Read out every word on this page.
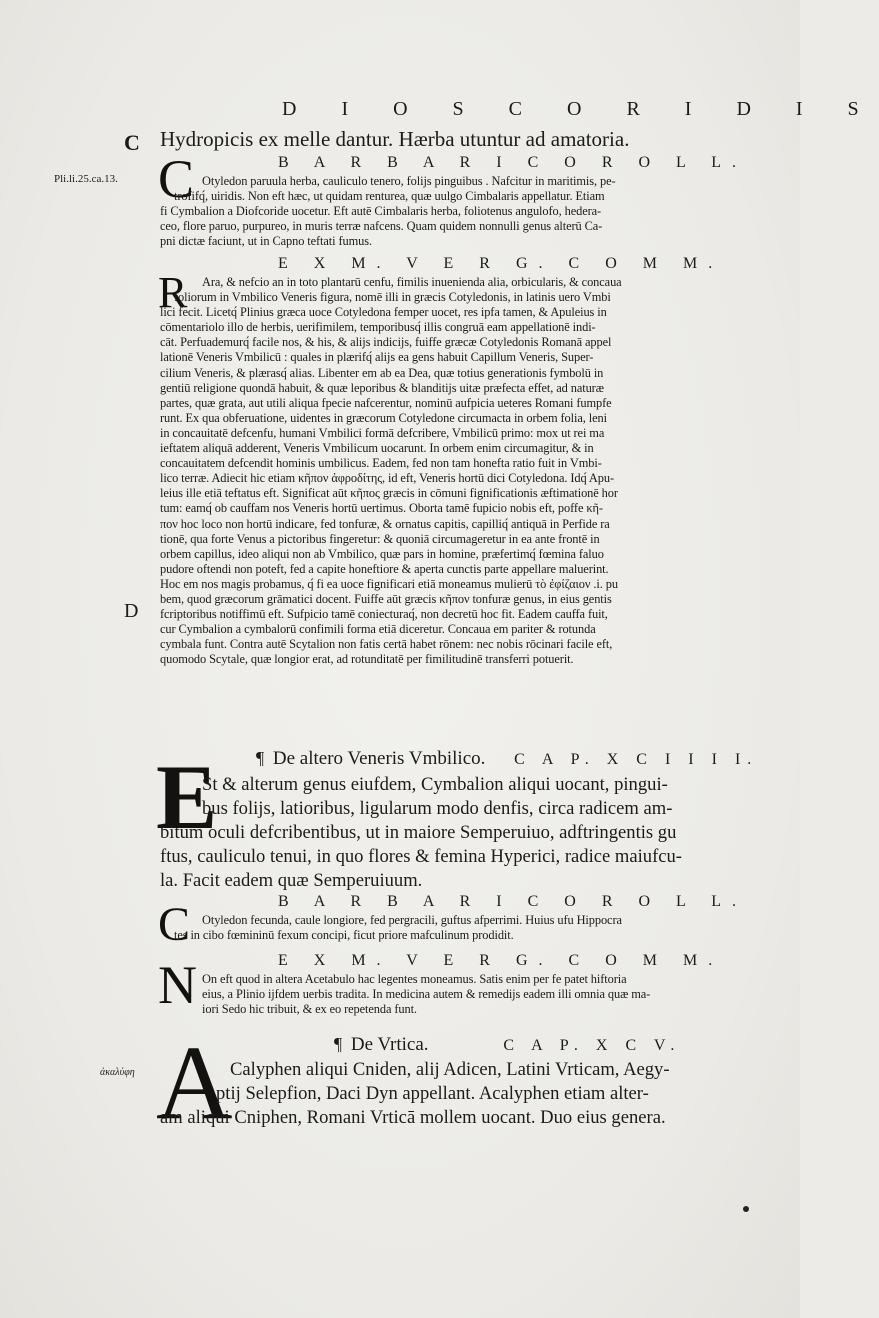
D I O S C O R I D I S
C
Pli.li.25.ca.13.
D
ἀκαλύφη
Hydropicis ex melle dantur. Hærba utuntur ad amatoria.
B A R B A R I C O R O L L.
C Otyledon paruula herba, cauliculo tenero, folijs pinguibus . Nafcitur in maritimis, pe-
trofifq́, uiridis. Non eft hæc, ut quidam renturea, quæ uulgo Cimbalaris appellatur. Etiam
fi Cymbalion a Diofcoride uocetur. Eft autē Cimbalaris herba, foliotenus angulofo, hedera-
ceo, flore paruo, purpureo, in muris terræ nafcens. Quam quidem nonnulli genus alterū Ca-
pni dictæ faciunt, ut in Capno teftati fumus.
E X M. V E R G. C O M M.
R	Ara, & nefcio an in toto plantarū cenfu, fimilis inuenienda alia, orbicularis, & concaua
foliorum in Vmbilico Veneris figura, nomē illi in græcis Cotyledonis, in latinis uero Vmbi
lici fecit. Licetq́ Plinius græca uoce Cotyledona femper uocet, res ipfa tamen, & Apuleius in
cōmentariolo illo de herbis, uerifimilem, temporibusq́ illis congruā eam appellationē indi-
cāt. Perfuademurq́ facile nos, & his, & alijs indicijs, fuiffe græcæ Cotyledonis Romanā appel
lationē Veneris Vmbilicū : quales in plærifq́ alijs ea gens habuit Capillum Veneris, Super-
cilium Veneris, & plærasq́ alias. Libenter em ab ea Dea, quæ totius generationis fymbolū in
gentiū religione quondā habuit, & quæ leporibus & blanditijs uitæ præfecta effet, ad naturæ
partes, quæ grata, aut utili aliqua fpecie nafcerentur, nominū aufpicia ueteres Romani fumpfe
runt. Ex qua obferuatione, uidentes in græcorum Cotyledone circumacta in orbem folia, leni
in concauitatē defcenfu, humani Vmbilici formā defcribere, Vmbilicū primo: mox ut rei ma
ieftatem aliquā adderent, Veneris Vmbilicum uocarunt. In orbem enim circumagitur, & in
concauitatem defcendit hominis umbilicus. Eadem, fed non tam honefta ratio fuit in Vmbi-
lico terræ. Adiecit hic etiam κῆπον ἀφροδίτης, id eft, Veneris hortū dici Cotyledona. Idq́ Apu-
leius ille etiā teftatus eft. Significat aūt κῆπος græcis in cōmuni fignificationis æftimationē hor
tum: eamq́ ob cauffam nos Veneris hortū uertimus. Oborta tamē fupicio nobis eft, poffe κῆ-
πον hoc loco non hortū indicare, fed tonfuræ, & ornatus capitis, capilliq́ antiquā in Perfide ra
tionē, qua forte Venus a pictoribus fingeretur: & quoniā circumageretur in ea ante frontē in
orbem capillus, ideo aliqui non ab Vmbilico, quæ pars in homine, præfertimq́ fœmina faluo
pudore oftendi non poteft, fed a capite honeftiore & aperta cunctis parte appellare maluerint.
Hoc em nos magis probamus, q́ fi ea uoce fignificari etiā moneamus mulierū τὸ ἐφίζαιον .i. pu
bem, quod græcorum grāmatici docent. Fuiffe aūt græcis κῆπον tonfuræ genus, in eius gentis
fcriptoribus notiffimū eft. Sufpicio tamē coniecturaq́, non decretū hoc fit. Eadem cauffa fuit,
cur Cymbalion a cymbalorū confimili forma etiā diceretur. Concaua em pariter & rotunda
cymbala funt. Contra autē Scytalion non fatis certā habet rōnem: nec nobis rōcinari facile eft,
quomodo Scytale, quæ longior erat, ad rotunditatē per fimilitudinē transferri potuerit.
¶ De altero Veneris Vmbilico. C A P. X C I I I I.
E
St & alterum genus eiufdem, Cymbalion aliqui uocant, pingui-
bus folijs, latioribus, ligularum modo denfis, circa radicem am-
bitum oculi defcribentibus, ut in maiore Semperuiuo, adftringentis gu
ftus, cauliculo tenui, in quo flores & femina Hyperici, radice maiufcu-
la. Facit eadem quæ Semperuiuum.
B A R B A R I C O R O L L.
C Otyledon fecunda, caule longiore, fed pergracili, guftus afperrimi. Huius ufu Hippocra
tes in cibo fœmininū fexum concipi, ficut priore mafculinum prodidit.
E X M. V E R G. C O M M.
N On eft quod in altera Acetabulo hac legentes moneamus. Satis enim per fe patet hiftoria
eius, a Plinio ijfdem uerbis tradita. In medicina autem & remedijs eadem illi omnia quæ ma-
iori Sedo hic tribuit, & ex eo repetenda funt.
¶ De Vrtica.	C A P. X C V.
A
Calyphen aliqui Cniden, alij Adicen, Latini Vrticam, Aegy-
ptij Selepfion, Daci Dyn appellant. Acalyphen etiam alter-
am aliqui Cniphen, Romani Vrticā mollem uocant. Duo eius genera.
